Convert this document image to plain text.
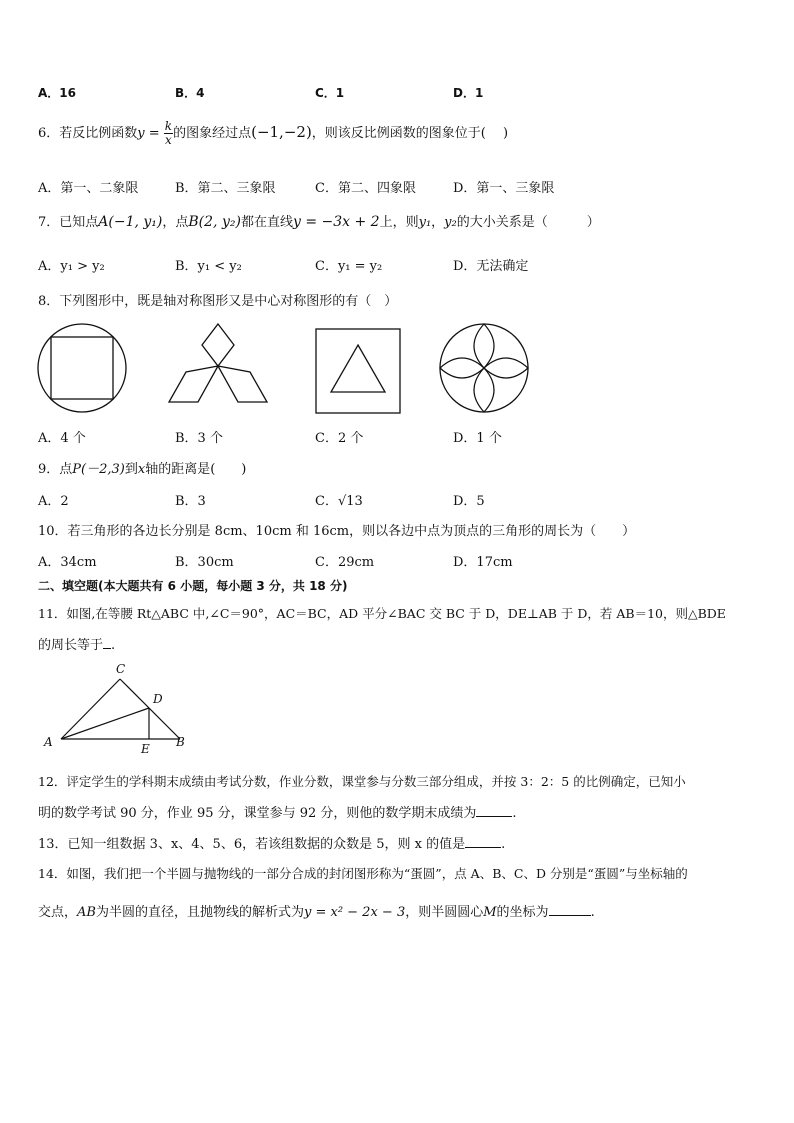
A．16	B．4	C．1	D．1
6．若反比例函数$y = \frac{k}{x}$ 的图象经过点(−1,−2)，则该反比例函数的图象位于(　 )
A．第一、二象限	B．第二、三象限	C．第二、四象限	D．第一、三象限
7．已知点A(−1, y₁)，点B(2, y₂)都在直线y = −3x + 2上，则y₁，y₂的大小关系是（　　　）
A．y₁ > y₂	B．y₁ < y₂	C．y₁ = y₂	D．无法确定
8．下列图形中，既是轴对称图形又是中心对称图形的有（　）
A．4 个	B．3 个	C．2 个	D．1 个
9．点P(－2,3)到x轴的距离是(　　)
A．2	B．3	C．√13	D．5
10．若三角形的各边长分别是 8cm、10cm 和 16cm，则以各边中点为顶点的三角形的周长为（　　）
A．34cm	B．30cm	C．29cm	D．17cm
二、填空题(本大题共有 6 小题，每小题 3 分，共 18 分)
11．如图,在等腰 Rt△ABC 中,∠C＝90°，AC＝BC，AD 平分∠BAC 交 BC 于 D，DE⊥AB 于 D，若 AB＝10，则△BDE
的周长等于 .
C
D
A	E B
12．评定学生的学科期末成绩由考试分数，作业分数，课堂参与分数三部分组成，并按 3：2：5 的比例确定，已知小
明的数学考试 90 分，作业 95 分，课堂参与 92 分，则他的数学期末成绩为	.
13．已知一组数据 3、x、4、5、6，若该组数据的众数是 5，则 x 的值是	.
14．如图，我们把一个半圆与抛物线的一部分合成的封闭图形称为“蛋圆”，点 A、B、C、D 分别是“蛋圆”与坐标轴的
交点，AB为半圆的直径，且抛物线的解析式为y = x² − 2x − 3，则半圆圆心M的坐标为	.
